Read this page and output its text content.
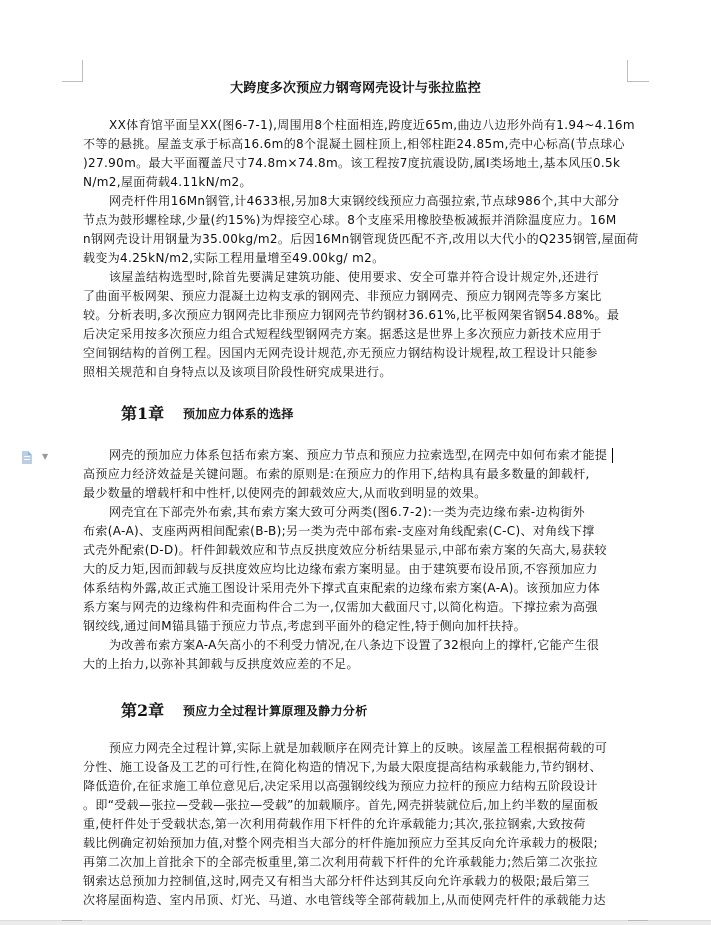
大跨度多次预应力钢弯网壳设计与张拉监控
XX体育馆平面呈XX(图6-7-1),周围用8个柱面相连,跨度近65m,曲边八边形外尚有1.94~4.16m
不等的悬挑。屋盖支承于标高16.6m的8个混凝土圆柱顶上,相邻柱距24.85m,壳中心标高(节点球心
)27.90m。最大平面覆盖尺寸74.8m×74.8m。该工程按7度抗震设防,属Ⅰ类场地土,基本风压0.5k
N/m2,屋面荷载4.11kN/m2。
网壳杆件用16Mn钢管,计4633根,另加8大束钢绞线预应力高强拉索,节点球986个,其中大部分
节点为鼓形螺栓球,少量(约15%)为焊接空心球。8个支座采用橡胶垫板减振并消除温度应力。16M
n钢网壳设计用钢量为35.00kg/m2。后因16Mn钢管现货匹配不齐,改用以大代小的Q235钢管,屋面荷
载变为4.25kN/m2,实际工程用量增至49.00kg/ m2。
该屋盖结构选型时,除首先要满足建筑功能、使用要求、安全可靠并符合设计规定外,还进行
了曲面平板网架、预应力混凝土边构支承的钢网壳、非预应力钢网壳、预应力钢网壳等多方案比
较。分析表明,多次预应力钢网壳比非预应力钢网壳节约钢材36.61%,比平板网架省钢54.88%。最
后决定采用按多次预应力组合式短程线型钢网壳方案。据悉这是世界上多次预应力新技术应用于
空间钢结构的首例工程。因国内无网壳设计规范,亦无预应力钢结构设计规程,故工程设计只能参
照相关规范和自身特点以及该项目阶段性研究成果进行。
第1章 预加应力体系的选择
网壳的预加应力体系包括布索方案、预应力节点和预应力拉索选型,在网壳中如何布索才能提
高预应力经济效益是关键问题。布索的原则是:在预应力的作用下,结构具有最多数量的卸载杆,
最少数量的增载杆和中性杆,以使网壳的卸载效应大,从而收到明显的效果。
网壳宜在下部壳外布索,其布索方案大致可分两类(图6.7-2):一类为壳边缘布索-边构街外
布索(A-A)、支座两两相间配索(B-B);另一类为壳中部布索-支座对角线配索(C-C)、对角线下撑
式壳外配索(D-D)。杆件卸载效应和节点反拱度效应分析结果显示,中部布索方案的矢高大,易获较
大的反力矩,因而卸载与反拱度效应均比边缘布索方案明显。由于建筑要布设吊顶,不容预加应力
体系结构外露,故正式施工图设计采用壳外下撑式直束配索的边缘布索方案(A-A)。该预加应力体
系方案与网壳的边缘构件和壳面构件合二为一,仅需加大截面尺寸,以简化构造。下撑拉索为高强
钢绞线,通过间M锚具锚于预应力节点,考虑到平面外的稳定性,特于侧向加杆扶持。
为改善布索方案A-A矢高小的不利受力情况,在八条边下设置了32根向上的撑杆,它能产生很
大的上抬力,以弥补其卸载与反拱度效应差的不足。
第2章 预应力全过程计算原理及静力分析
预应力网壳全过程计算,实际上就是加载顺序在网壳计算上的反映。该屋盖工程根据荷载的可
分性、施工设备及工艺的可行性,在简化构造的情况下,为最大限度提高结构承载能力,节约钢材、
降低造价,在征求施工单位意见后,决定采用以高强钢绞线为预应力拉杆的预应力结构五阶段设计
。即“受载—张拉—受载—张拉—受载”的加载顺序。首先,网壳拼装就位后,加上约半数的屋面板
重,使杆件处于受载状态,第一次利用荷载作用下杆件的允许承载能力;其次,张拉钢索,大致按荷
载比例确定初始预加力值,对整个网壳相当大部分的杆件施加预应力至其反向允许承载力的极限;
再第二次加上首批余下的全部壳板重里,第二次利用荷载下杆件的允许承载能力;然后第二次张拉
钢索达总预加力控制值,这时,网壳又有相当大部分杆件达到其反向允许承载力的极限;最后第三
次将屋面构造、室内吊顶、灯光、马道、水电管线等全部荷载加上,从而使网壳杆件的承载能力达
▼
